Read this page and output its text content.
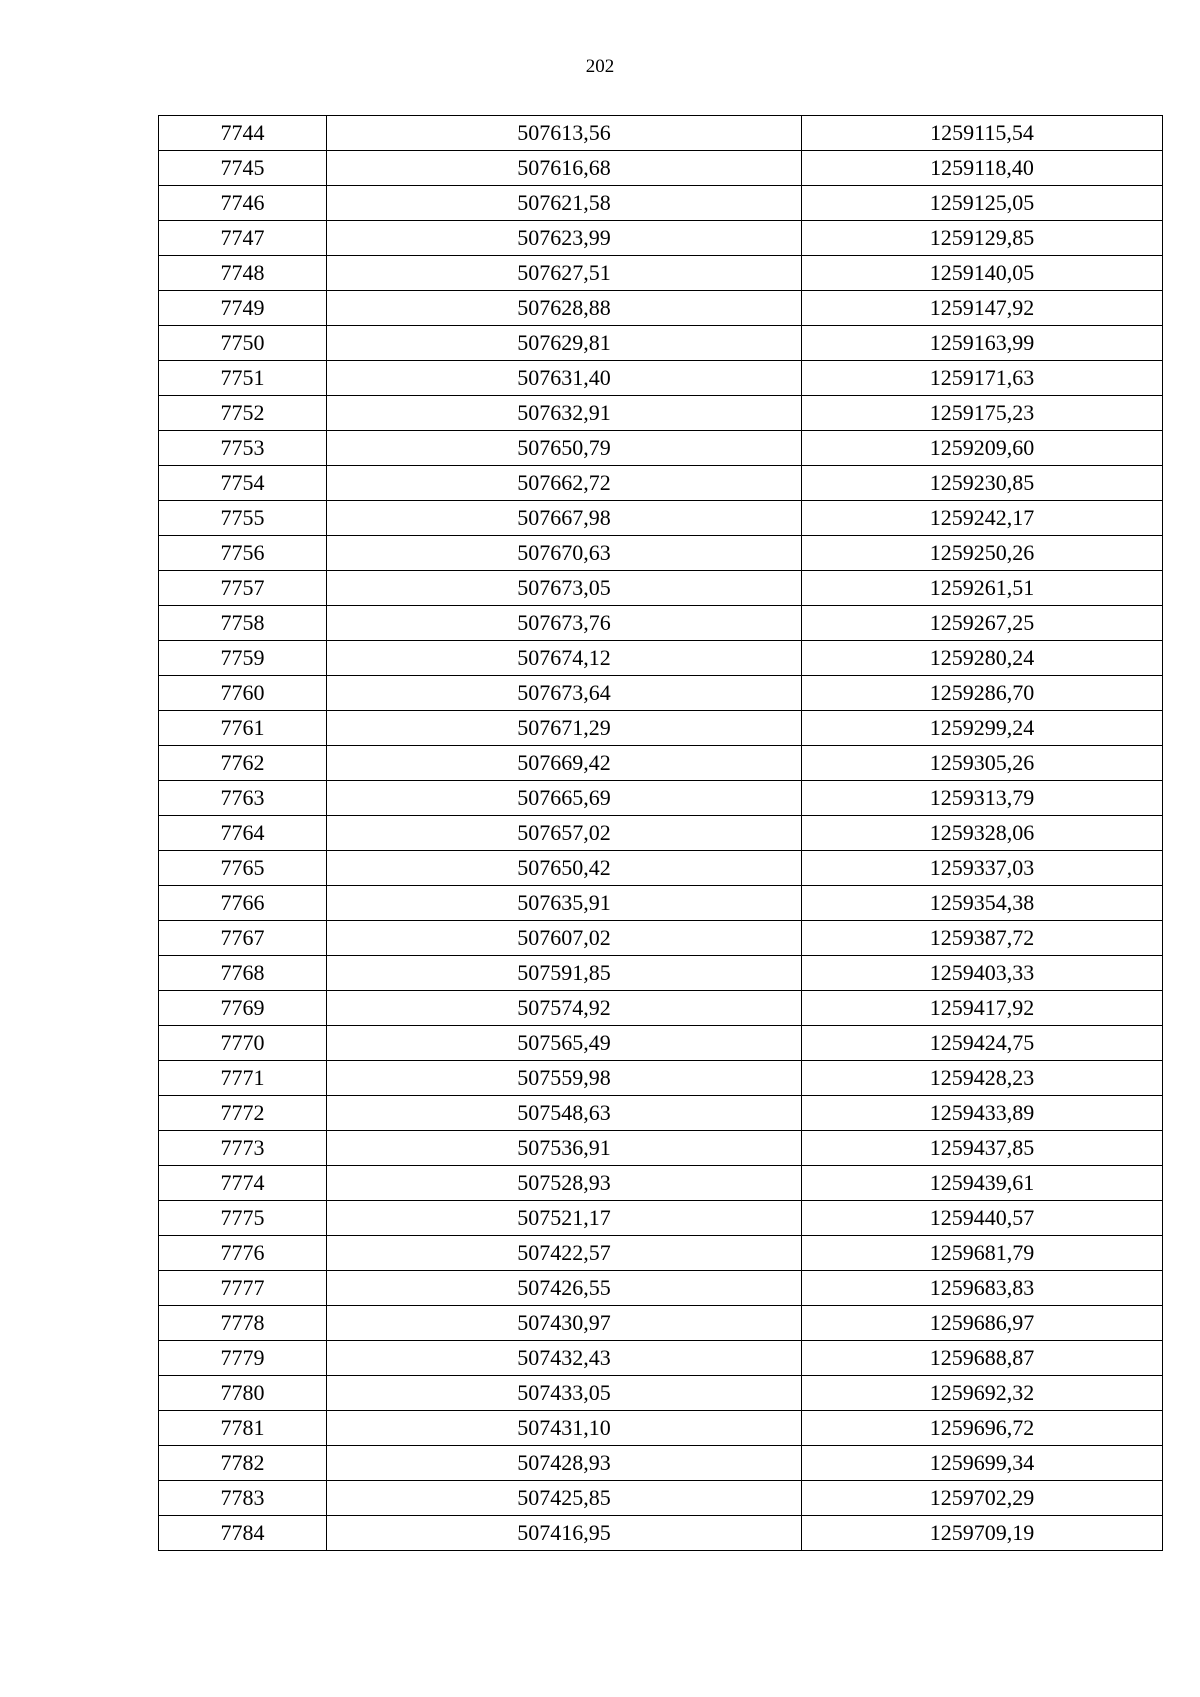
202
7744	507613,56	1259115,54
7745	507616,68	1259118,40
7746	507621,58	1259125,05
7747	507623,99	1259129,85
7748	507627,51	1259140,05
7749	507628,88	1259147,92
7750	507629,81	1259163,99
7751	507631,40	1259171,63
7752	507632,91	1259175,23
7753	507650,79	1259209,60
7754	507662,72	1259230,85
7755	507667,98	1259242,17
7756	507670,63	1259250,26
7757	507673,05	1259261,51
7758	507673,76	1259267,25
7759	507674,12	1259280,24
7760	507673,64	1259286,70
7761	507671,29	1259299,24
7762	507669,42	1259305,26
7763	507665,69	1259313,79
7764	507657,02	1259328,06
7765	507650,42	1259337,03
7766	507635,91	1259354,38
7767	507607,02	1259387,72
7768	507591,85	1259403,33
7769	507574,92	1259417,92
7770	507565,49	1259424,75
7771	507559,98	1259428,23
7772	507548,63	1259433,89
7773	507536,91	1259437,85
7774	507528,93	1259439,61
7775	507521,17	1259440,57
7776	507422,57	1259681,79
7777	507426,55	1259683,83
7778	507430,97	1259686,97
7779	507432,43	1259688,87
7780	507433,05	1259692,32
7781	507431,10	1259696,72
7782	507428,93	1259699,34
7783	507425,85	1259702,29
7784	507416,95	1259709,19
